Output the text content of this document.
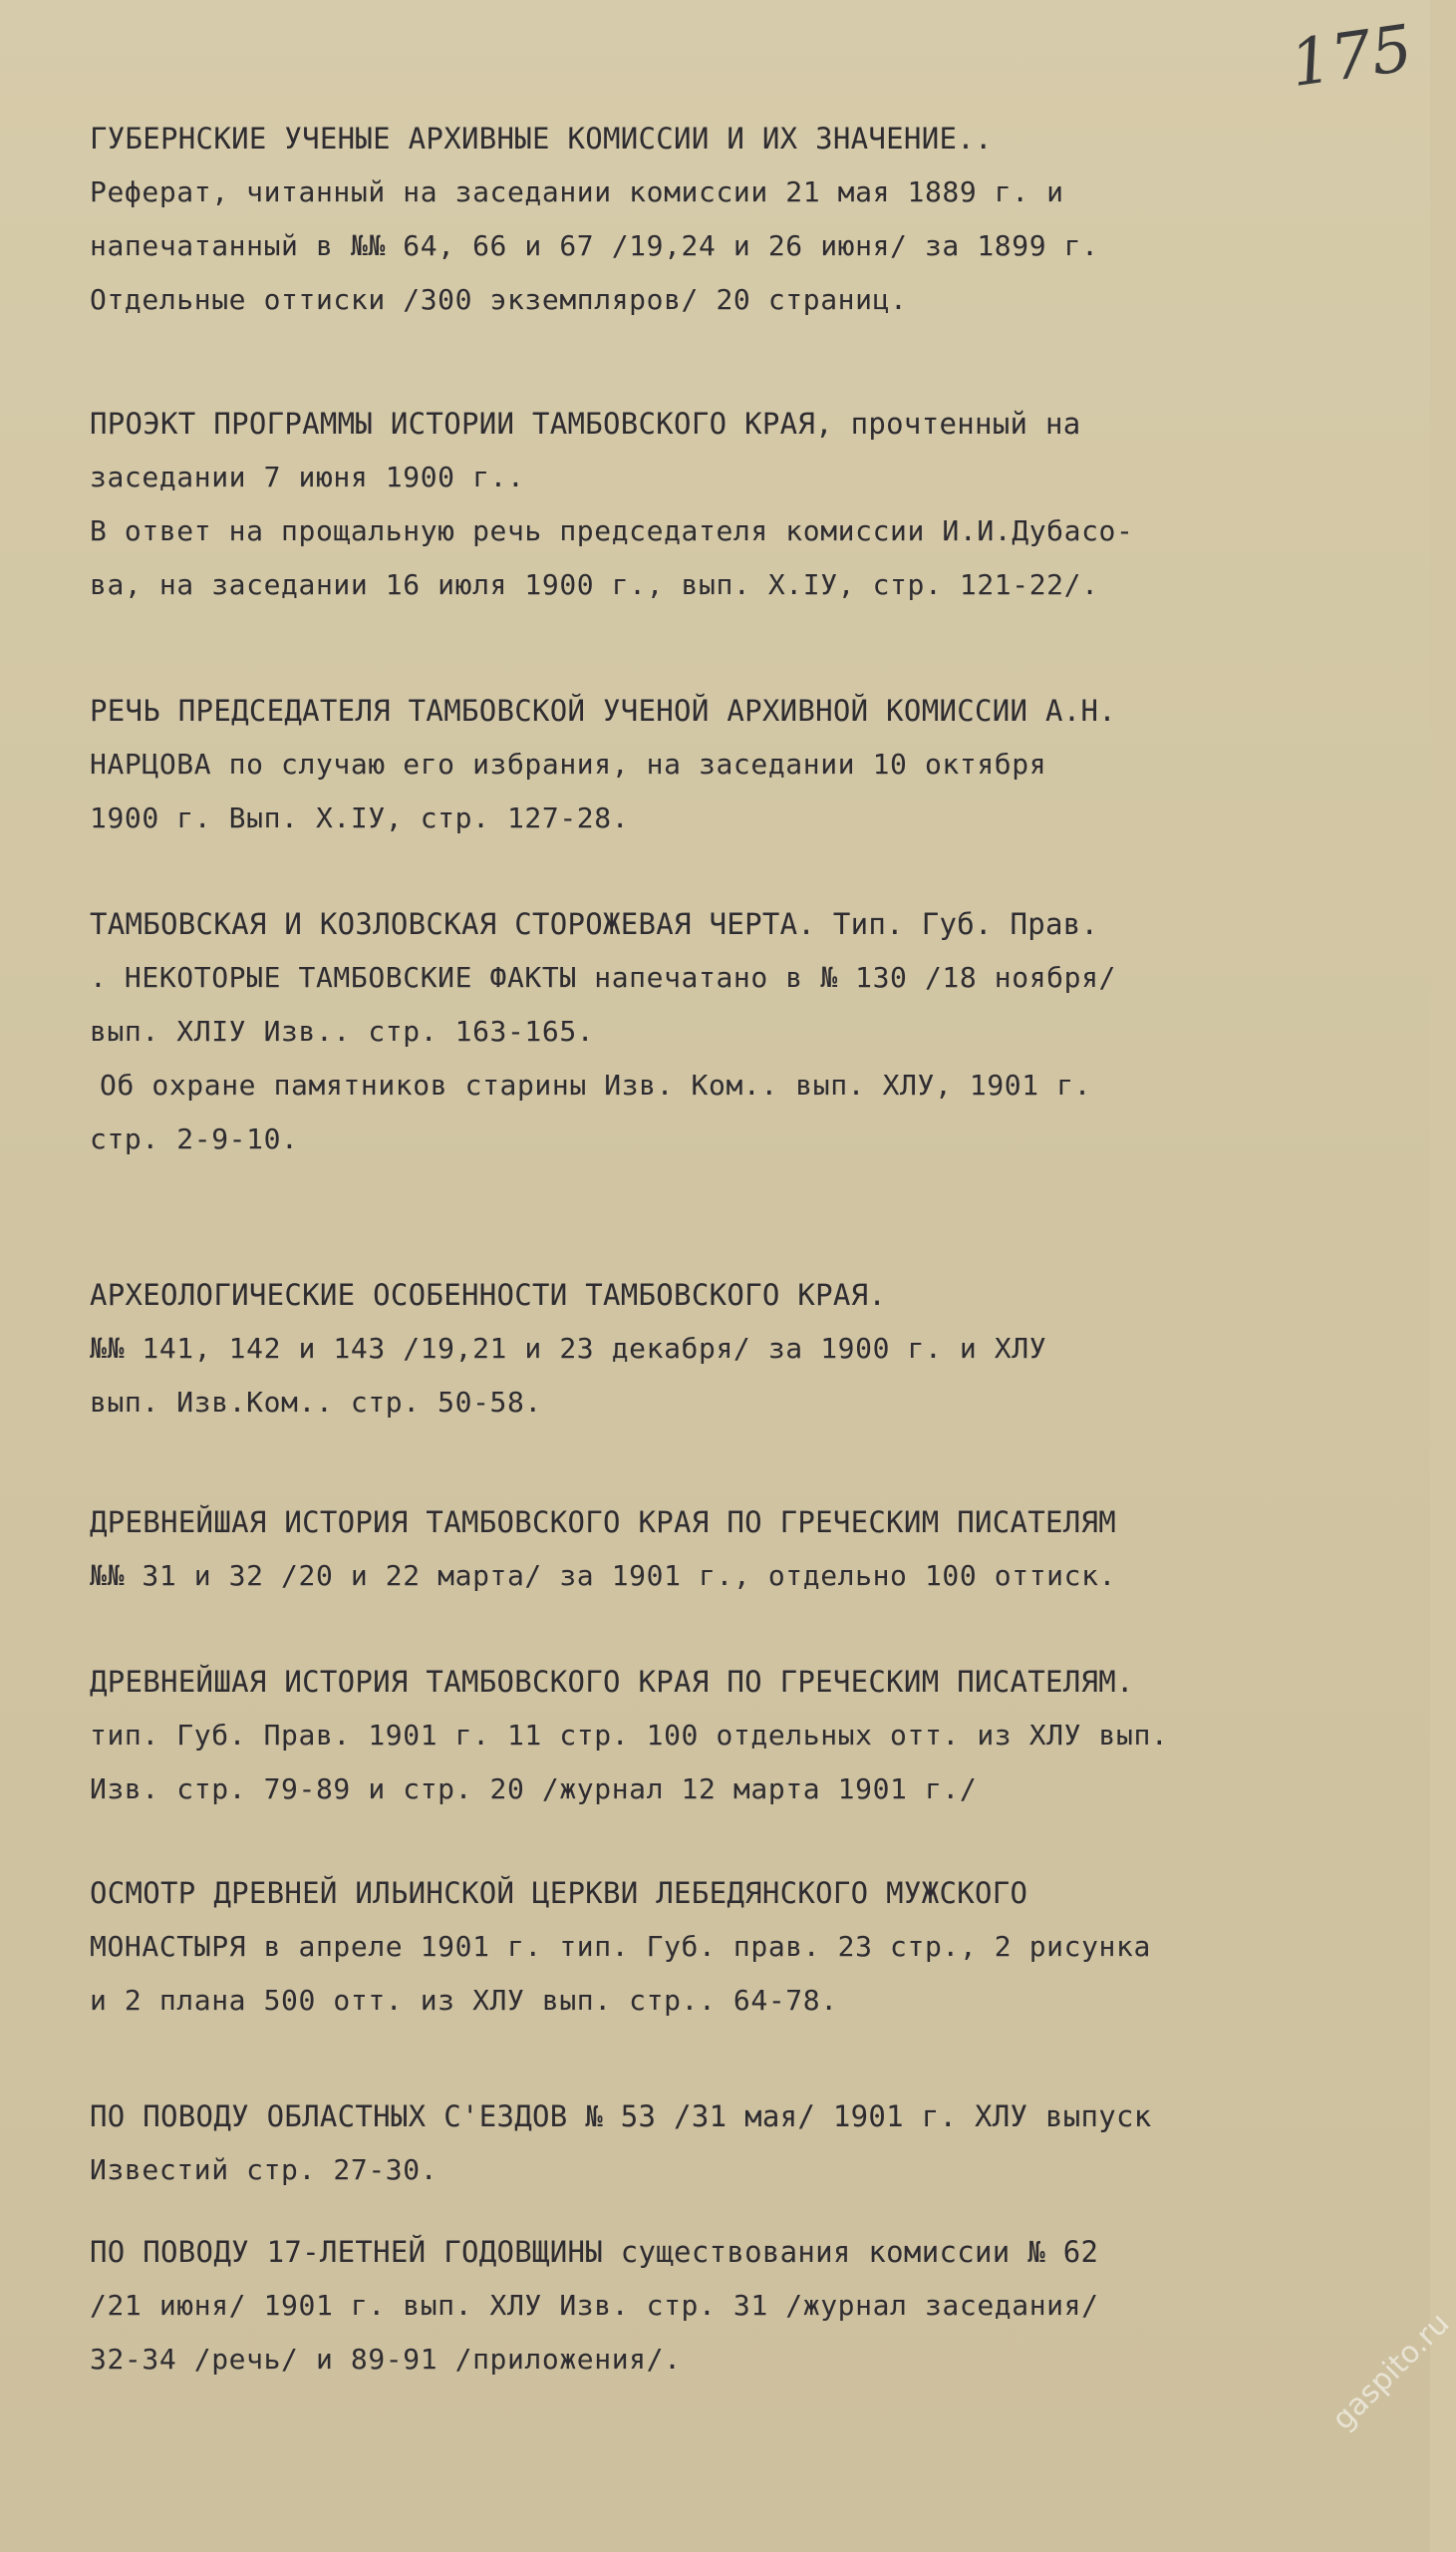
175
ГУБЕРНСКИЕ УЧЕНЫЕ АРХИВНЫЕ КОМИССИИ И ИХ ЗНАЧЕНИЕ..
Реферат, читанный на заседании комиссии 21 мая 1889 г. и
напечатанный в №№ 64, 66 и 67 /19,24 и 26 июня/ за 1899 г.
Отдельные оттиски /300 экземпляров/ 20 страниц.
ПРОЭКТ ПРОГРАММЫ ИСТОРИИ ТАМБОВСКОГО КРАЯ, прочтенный на
заседании 7 июня 1900 г..
В ответ на прощальную речь председателя комиссии И.И.Дубасо-
ва, на заседании 16 июля 1900 г., вып. Х.IУ, стр. 121-22/.
РЕЧЬ ПРЕДСЕДАТЕЛЯ ТАМБОВСКОЙ УЧЕНОЙ АРХИВНОЙ КОМИССИИ А.Н.
НАРЦОВА по случаю его избрания, на заседании 10 октября
1900 г. Вып. Х.IУ, стр. 127-28.
ТАМБОВСКАЯ И КОЗЛОВСКАЯ СТОРОЖЕВАЯ ЧЕРТА. Тип. Губ. Прав.
. НЕКОТОРЫЕ ТАМБОВСКИЕ ФАКТЫ напечатано в № 130 /18 ноября/
вып. ХЛIУ Изв.. стр. 163-165.
Об охране памятников старины Изв. Ком.. вып. ХЛУ, 1901 г.
стр. 2-9-10.
АРХЕОЛОГИЧЕСКИЕ ОСОБЕННОСТИ ТАМБОВСКОГО КРАЯ.
№№ 141, 142 и 143 /19,21 и 23 декабря/ за 1900 г. и ХЛУ
вып. Изв.Ком.. стр. 50-58.
ДРЕВНЕЙШАЯ ИСТОРИЯ ТАМБОВСКОГО КРАЯ ПО ГРЕЧЕСКИМ ПИСАТЕЛЯМ
№№ 31 и 32 /20 и 22 марта/ за 1901 г., отдельно 100 оттиск.
ДРЕВНЕЙШАЯ ИСТОРИЯ ТАМБОВСКОГО КРАЯ ПО ГРЕЧЕСКИМ ПИСАТЕЛЯМ.
тип. Губ. Прав. 1901 г. 11 стр. 100 отдельных отт. из ХЛУ вып.
Изв. стр. 79-89 и стр. 20 /журнал 12 марта 1901 г./
ОСМОТР ДРЕВНЕЙ ИЛЬИНСКОЙ ЦЕРКВИ ЛЕБЕДЯНСКОГО МУЖСКОГО
МОНАСТЫРЯ в апреле 1901 г. тип. Губ. прав. 23 стр., 2 рисунка
и 2 плана 500 отт. из ХЛУ вып. стр.. 64-78.
ПО ПОВОДУ ОБЛАСТНЫХ С'ЕЗДОВ № 53 /31 мая/ 1901 г. ХЛУ выпуск
Известий стр. 27-30.
ПО ПОВОДУ 17-ЛЕТНЕЙ ГОДОВЩИНЫ существования комиссии № 62
/21 июня/ 1901 г. вып. ХЛУ Изв. стр. 31 /журнал заседания/
32-34 /речь/ и 89-91 /приложения/.	gaspito.ru
